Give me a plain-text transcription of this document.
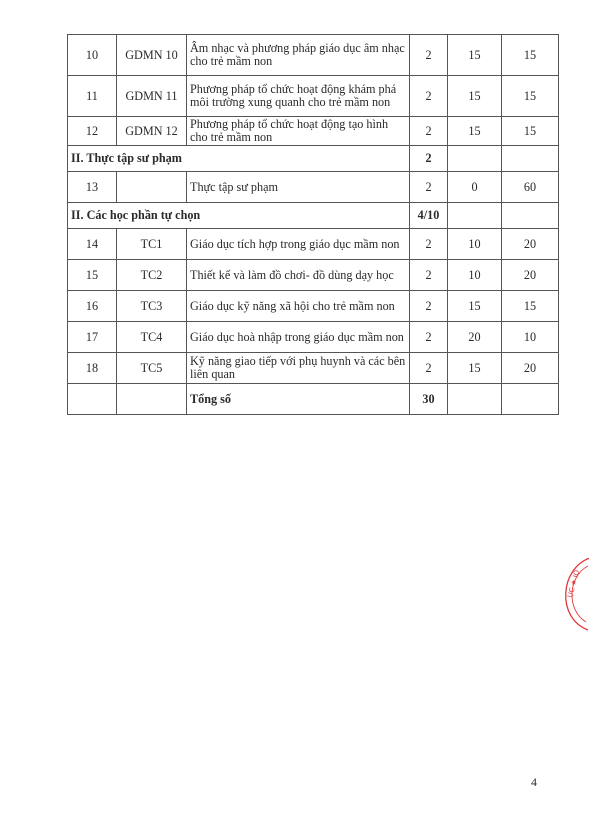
10	GDMN 10	Âm nhạc và phương pháp giáo dục âm nhạc cho trẻ mầm non	2	15	15
11	GDMN 11	Phương pháp tổ chức hoạt động khám phá môi trường xung quanh cho trẻ mầm non	2	15	15
12	GDMN 12	Phương pháp tổ chức hoạt động tạo hình cho trẻ mầm non	2	15	15
II. Thực tập sư phạm			2		
13		Thực tập sư phạm	2	0	60
II. Các học phần tự chọn			4/10		
14	TC1	Giáo dục tích hợp trong giáo dục mầm non	2	10	20
15	TC2	Thiết kế và làm đồ chơi- đồ dùng dạy học	2	10	20
16	TC3	Giáo dục kỹ năng xã hội cho trẻ mầm non	2	15	15
17	TC4	Giáo dục hoà nhập trong giáo dục mầm non	2	20	10
18	TC5	Kỹ năng giao tiếp với phụ huynh và các bên liên quan	2	15	20
		Tổng số	30		
ỤC ★ IỘ
4
